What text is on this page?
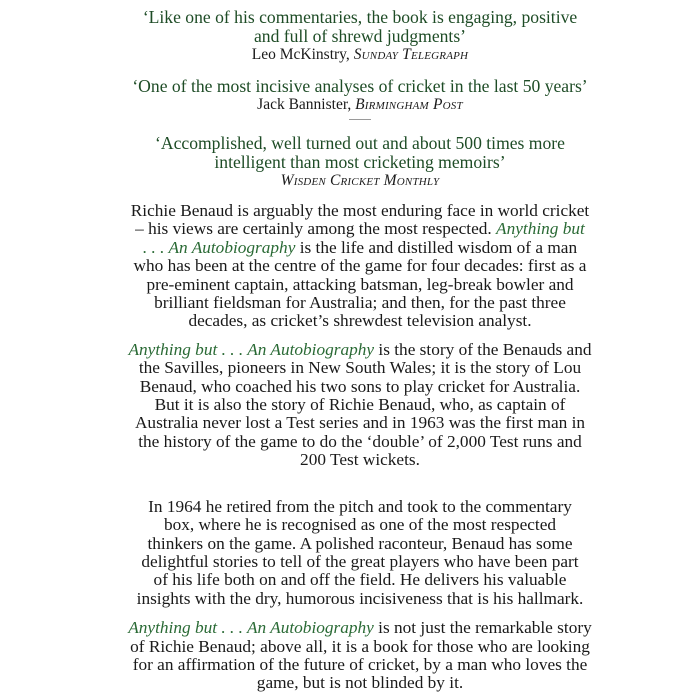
‘Like one of his commentaries, the book is engaging, positive

and full of shrewd judgments’

Leo McKinstry, Sunday Telegraph

‘One of the most incisive analyses of cricket in the last 50 years’

Jack Bannister, Birmingham Post

‘Accomplished, well turned out and about 500 times more

intelligent than most cricketing memoirs’

Wisden Cricket Monthly

Richie Benaud is arguably the most enduring face in world cricket
– his views are certainly among the most respected. Anything but
. . . An Autobiography is the life and distilled wisdom of a man
who has been at the centre of the game for four decades: first as a
pre-eminent captain, attacking batsman, leg-break bowler and
brilliant fieldsman for Australia; and then, for the past three
decades, as cricket’s shrewdest television analyst.
Anything but . . . An Autobiography is the story of the Benauds and
the Savilles, pioneers in New South Wales; it is the story of Lou
Benaud, who coached his two sons to play cricket for Australia.
But it is also the story of Richie Benaud, who, as captain of
Australia never lost a Test series and in 1963 was the first man in
the history of the game to do the ‘double’ of 2,000 Test runs and
200 Test wickets.
In 1964 he retired from the pitch and took to the commentary
box, where he is recognised as one of the most respected
thinkers on the game. A polished raconteur, Benaud has some
delightful stories to tell of the great players who have been part
of his life both on and off the field. He delivers his valuable
insights with the dry, humorous incisiveness that is his hallmark.
Anything but . . . An Autobiography is not just the remarkable story
of Richie Benaud; above all, it is a book for those who are looking
for an affirmation of the future of cricket, by a man who loves the
game, but is not blinded by it.
